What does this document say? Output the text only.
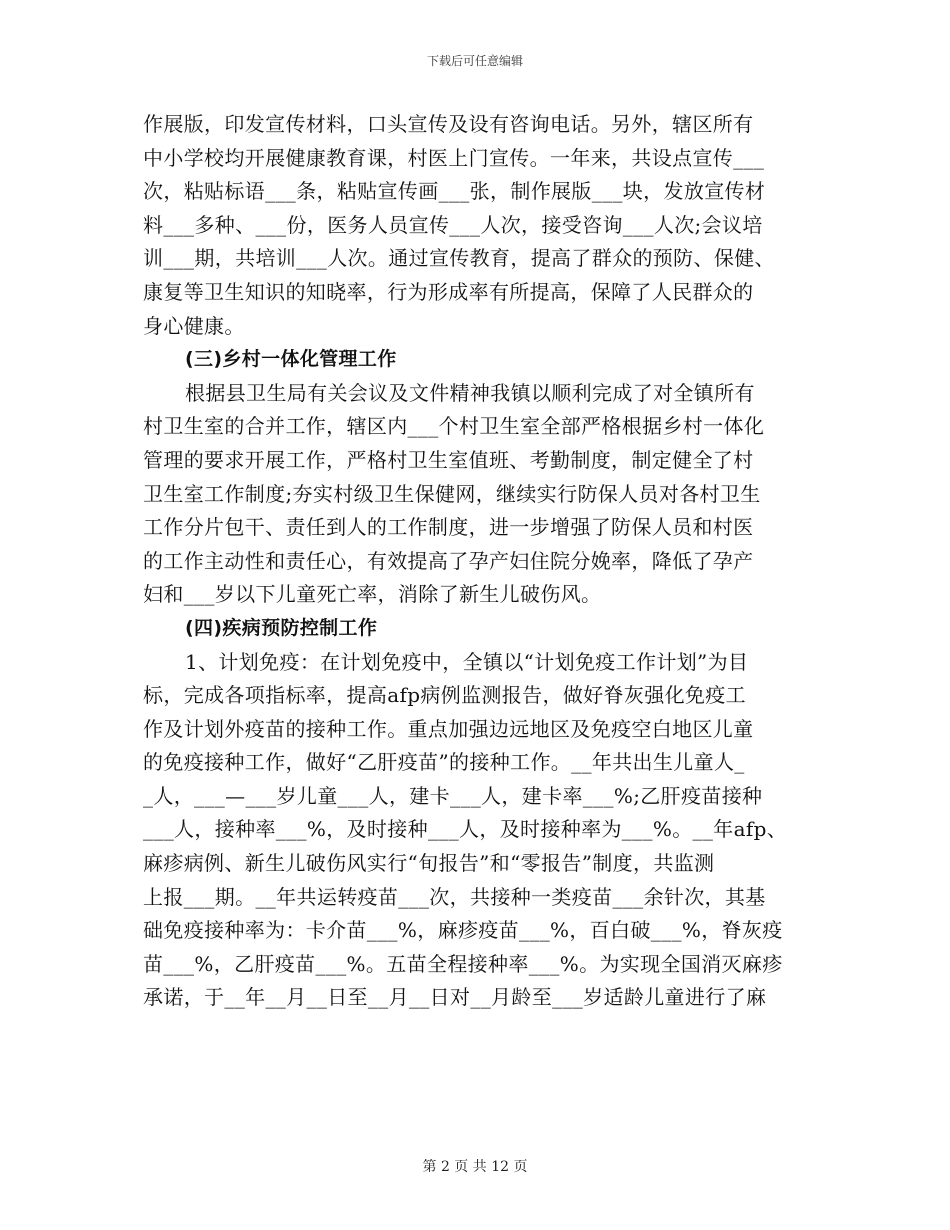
下载后可任意编辑
作展版，印发宣传材料，口头宣传及设有咨询电话。另外，辖区所有
中小学校均开展健康教育课，村医上门宣传。一年来，共设点宣传___
次，粘贴标语___条，粘贴宣传画___张，制作展版___块，发放宣传材
料___多种、___份，医务人员宣传___人次，接受咨询___人次;会议培
训___期，共培训___人次。通过宣传教育，提高了群众的预防、保健、
康复等卫生知识的知晓率，行为形成率有所提高，保障了人民群众的
身心健康。
(三)乡村一体化管理工作
根据县卫生局有关会议及文件精神我镇以顺利完成了对全镇所有
村卫生室的合并工作，辖区内___个村卫生室全部严格根据乡村一体化
管理的要求开展工作，严格村卫生室值班、考勤制度，制定健全了村
卫生室工作制度;夯实村级卫生保健网，继续实行防保人员对各村卫生
工作分片包干、责任到人的工作制度，进一步增强了防保人员和村医
的工作主动性和责任心，有效提高了孕产妇住院分娩率，降低了孕产
妇和___岁以下儿童死亡率，消除了新生儿破伤风。
(四)疾病预防控制工作
1、计划免疫：在计划免疫中，全镇以“计划免疫工作计划”为目
标，完成各项指标率，提高afp病例监测报告，做好脊灰强化免疫工
作及计划外疫苗的接种工作。重点加强边远地区及免疫空白地区儿童
的免疫接种工作，做好“乙肝疫苗”的接种工作。__年共出生儿童人_
_人，___—___岁儿童___人，建卡___人，建卡率___%;乙肝疫苗接种
___人，接种率___%，及时接种___人，及时接种率为___%。__年afp、
麻疹病例、新生儿破伤风实行“旬报告”和“零报告”制度，共监测
上报___期。__年共运转疫苗___次，共接种一类疫苗___余针次，其基
础免疫接种率为：卡介苗___%，麻疹疫苗___%，百白破___%，脊灰疫
苗___%，乙肝疫苗___%。五苗全程接种率___%。为实现全国消灭麻疹
承诺，于__年__月__日至__月__日对__月龄至___岁适龄儿童进行了麻
第 2 页 共 12 页
